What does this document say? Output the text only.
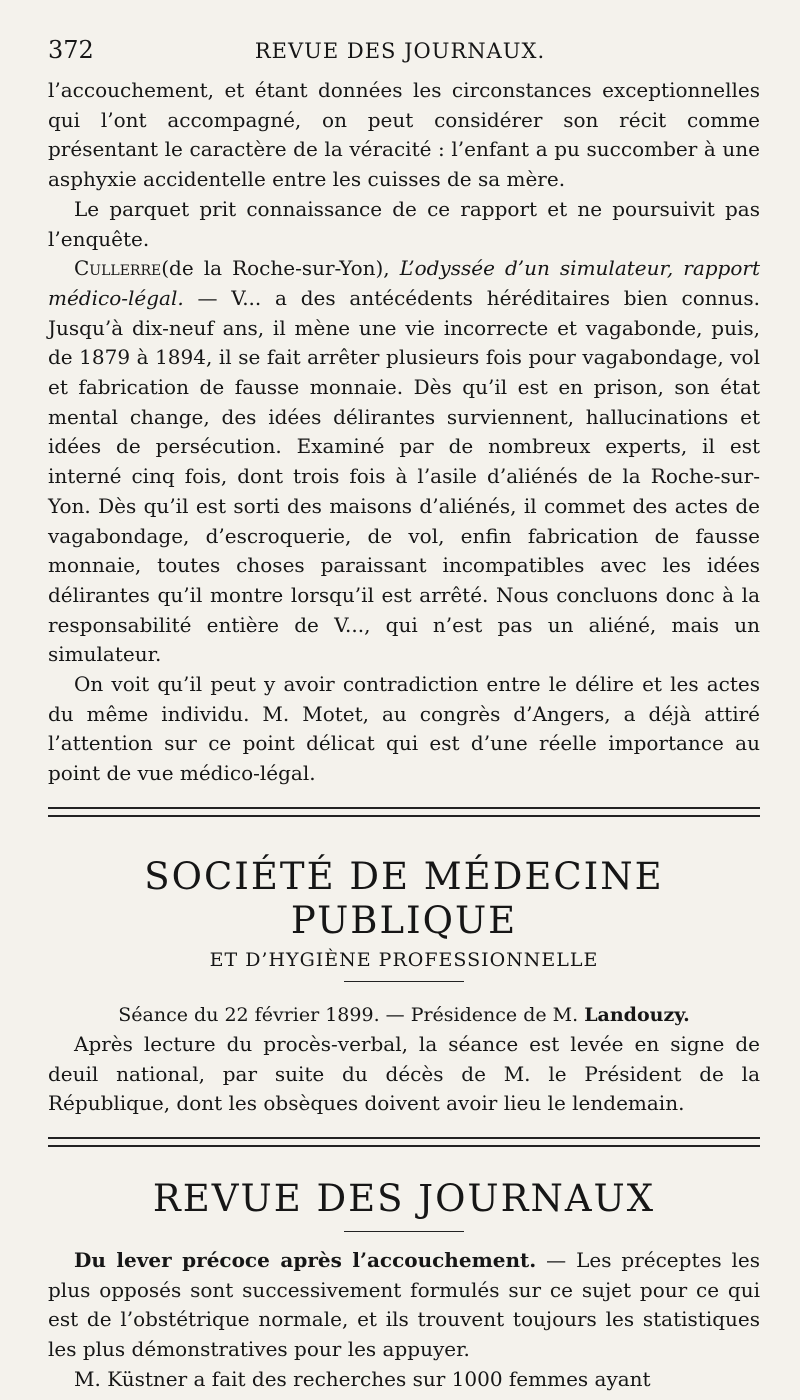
372	REVUE DES JOURNAUX.

l’accouchement, et étant données les circonstances exceptionnelles qui l’ont accompagné, on peut considérer son récit comme présentant le caractère de la véracité : l’enfant a pu succomber à une asphyxie accidentelle entre les cuisses de sa mère.

Le parquet prit connaissance de ce rapport et ne poursuivit pas l’enquête.

Cullerre(de la Roche-sur-Yon), L’odyssée d’un simulateur, rapport médico-légal. — V... a des antécédents héréditaires bien connus. Jusqu’à dix-neuf ans, il mène une vie incorrecte et vagabonde, puis, de 1879 à 1894, il se fait arrêter plusieurs fois pour vagabondage, vol et fabrication de fausse monnaie. Dès qu’il est en prison, son état mental change, des idées délirantes surviennent, hallucinations et idées de persécution. Examiné par de nombreux experts, il est interné cinq fois, dont trois fois à l’asile d’aliénés de la Roche-sur-Yon. Dès qu’il est sorti des maisons d’aliénés, il commet des actes de vagabondage, d’escroquerie, de vol, enfin fabrication de fausse monnaie, toutes choses paraissant incompatibles avec les idées délirantes qu’il montre lorsqu’il est arrêté. Nous concluons donc à la responsabilité entière de V..., qui n’est pas un aliéné, mais un simulateur.

On voit qu’il peut y avoir contradiction entre le délire et les actes du même individu. M. Motet, au congrès d’Angers, a déjà attiré l’attention sur ce point délicat qui est d’une réelle importance au point de vue médico-légal.

SOCIÉTÉ DE MÉDECINE PUBLIQUE
ET D’HYGIÈNE PROFESSIONNELLE
Séance du 22 février 1899. — Présidence de M. Landouzy.

Après lecture du procès-verbal, la séance est levée en signe de deuil national, par suite du décès de M. le Président de la République, dont les obsèques doivent avoir lieu le lendemain.

REVUE DES JOURNAUX

Du lever précoce après l’accouchement. — Les préceptes les plus opposés sont successivement formulés sur ce sujet pour ce qui est de l’obstétrique normale, et ils trouvent toujours les statistiques les plus démonstratives pour les appuyer.

M. Küstner a fait des recherches sur 1000 femmes ayant
